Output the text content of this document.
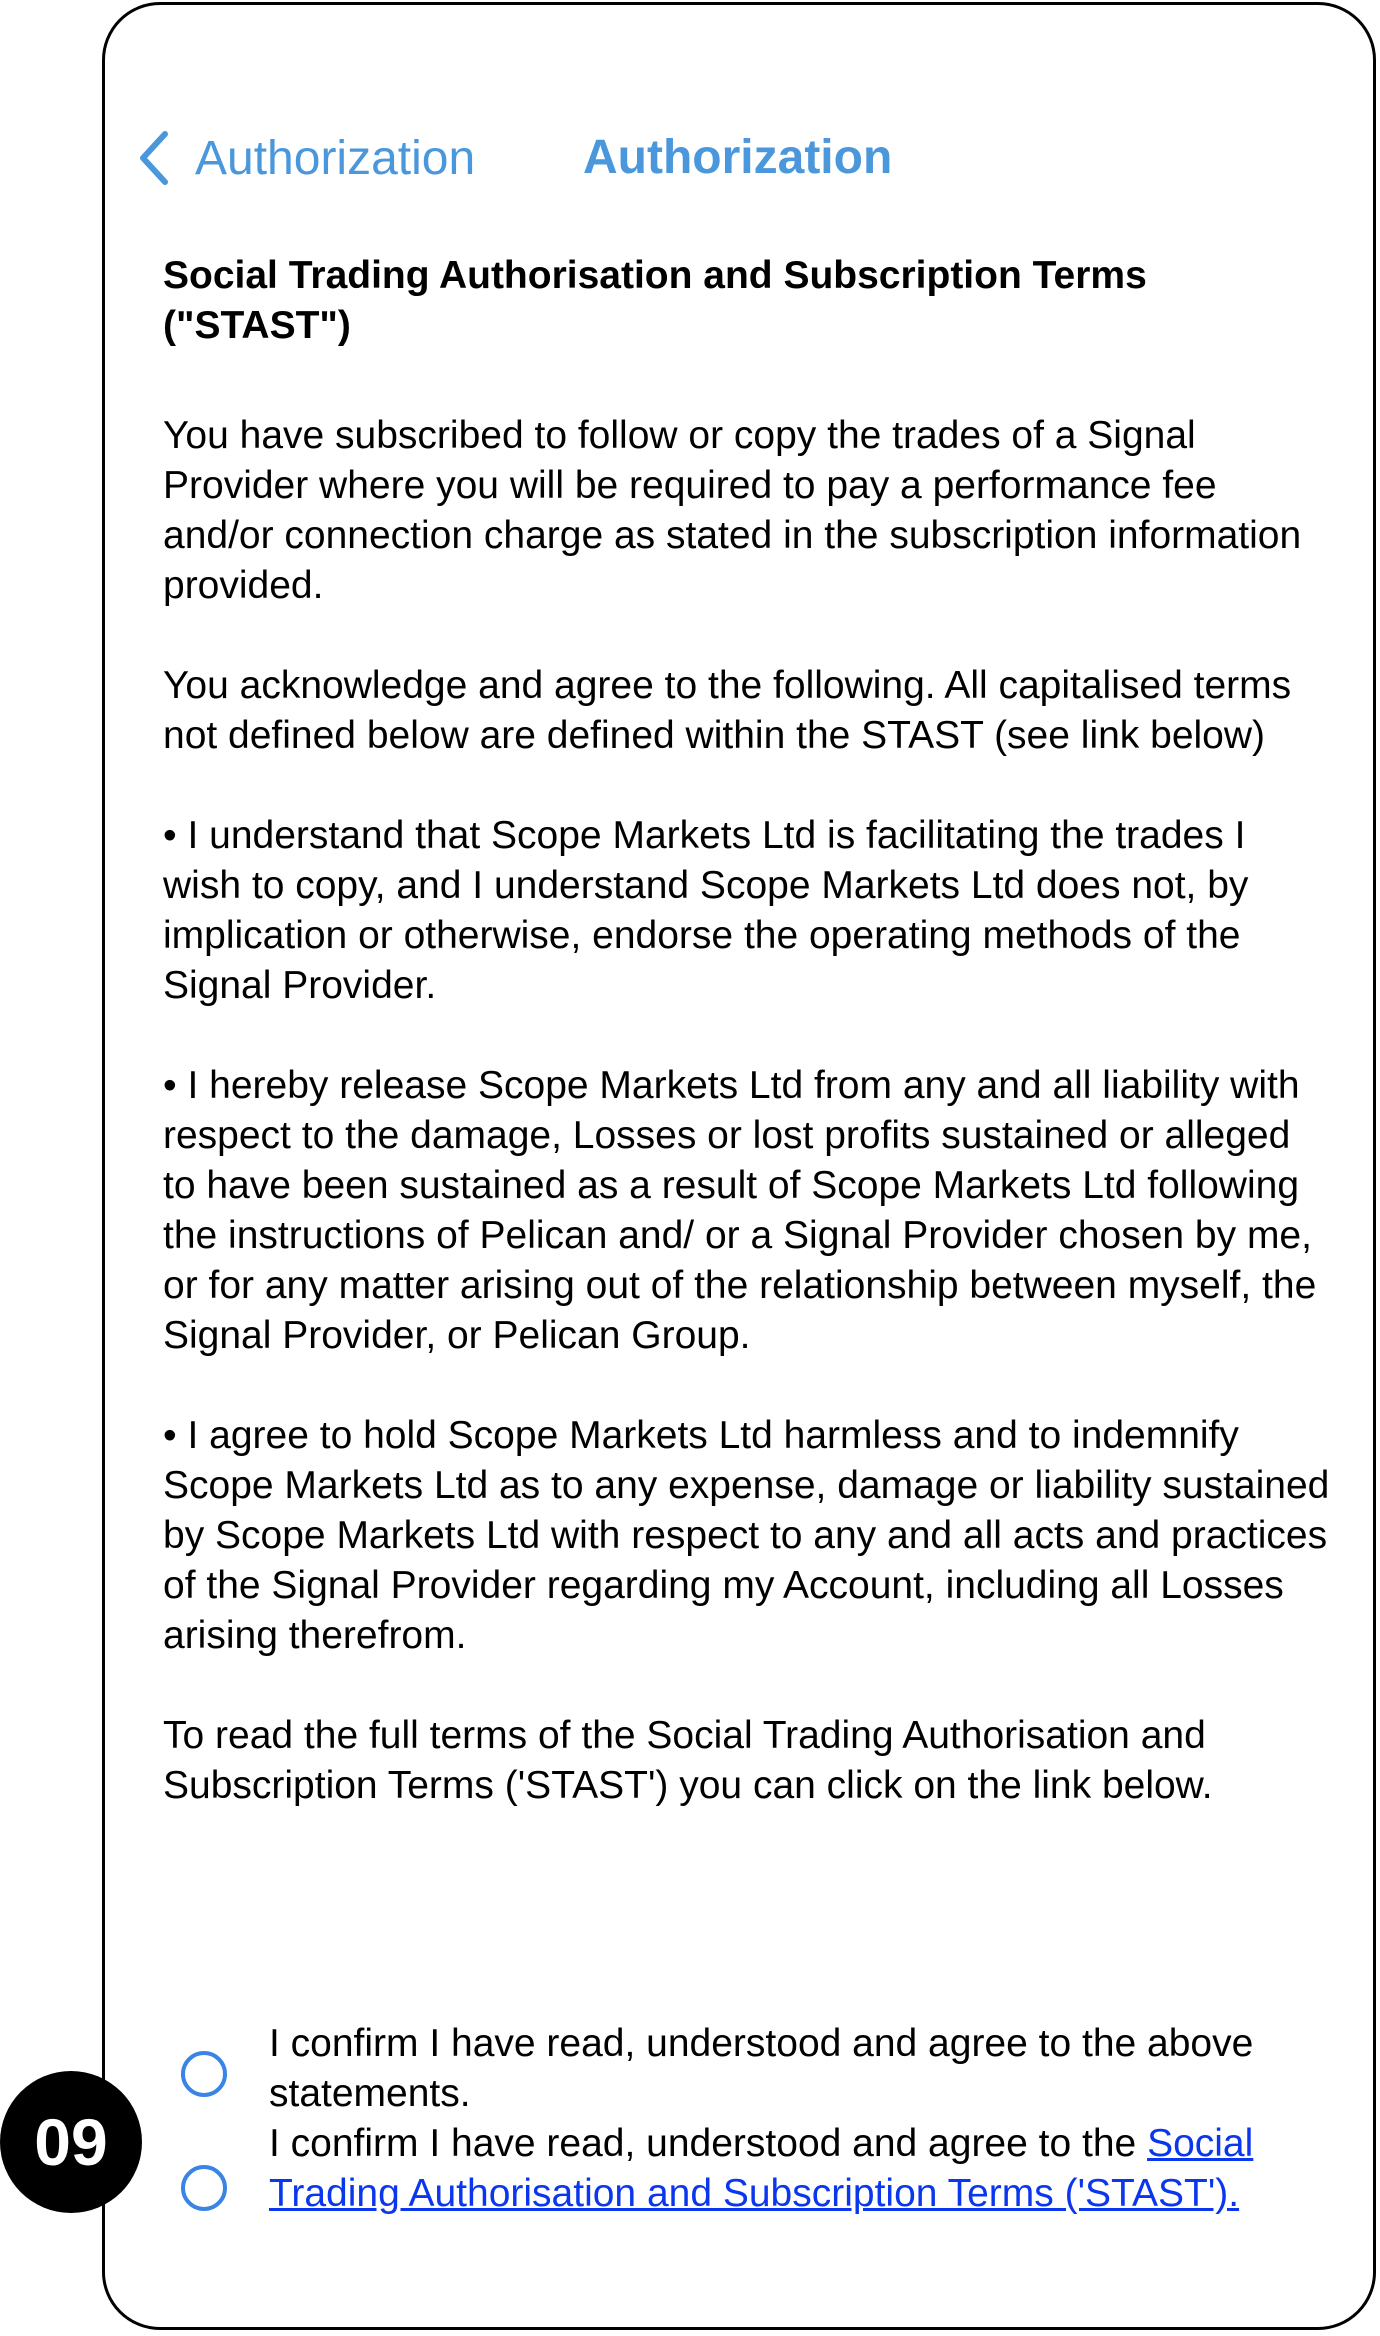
Authorization Authorization
Social Trading Authorisation and Subscription Terms ("STAST")

You have subscribed to follow or copy the trades of a Signal Provider where you will be required to pay a performance fee and/or connection charge as stated in the subscription information provided.

You acknowledge and agree to the following. All capitalised terms not defined below are defined within the STAST (see link below)

• I understand that Scope Markets Ltd is facilitating the trades I wish to copy, and I understand Scope Markets Ltd does not, by implication or otherwise, endorse the operating methods of the Signal Provider.

• I hereby release Scope Markets Ltd from any and all liability with respect to the damage, Losses or lost profits sustained or alleged to have been sustained as a result of Scope Markets Ltd following the instructions of Pelican and/ or a Signal Provider chosen by me, or for any matter arising out of the relationship between myself, the Signal Provider, or Pelican Group.

• I agree to hold Scope Markets Ltd harmless and to indemnify Scope Markets Ltd as to any expense, damage or liability sustained by Scope Markets Ltd with respect to any and all acts and practices of the Signal Provider regarding my Account, including all Losses arising therefrom.

To read the full terms of the Social Trading Authorisation and Subscription Terms ('STAST') you can click on the link below.

I confirm I have read, understood and agree to the above statements.
I confirm I have read, understood and agree to the Social Trading Authorisation and Subscription Terms ('STAST').
09
